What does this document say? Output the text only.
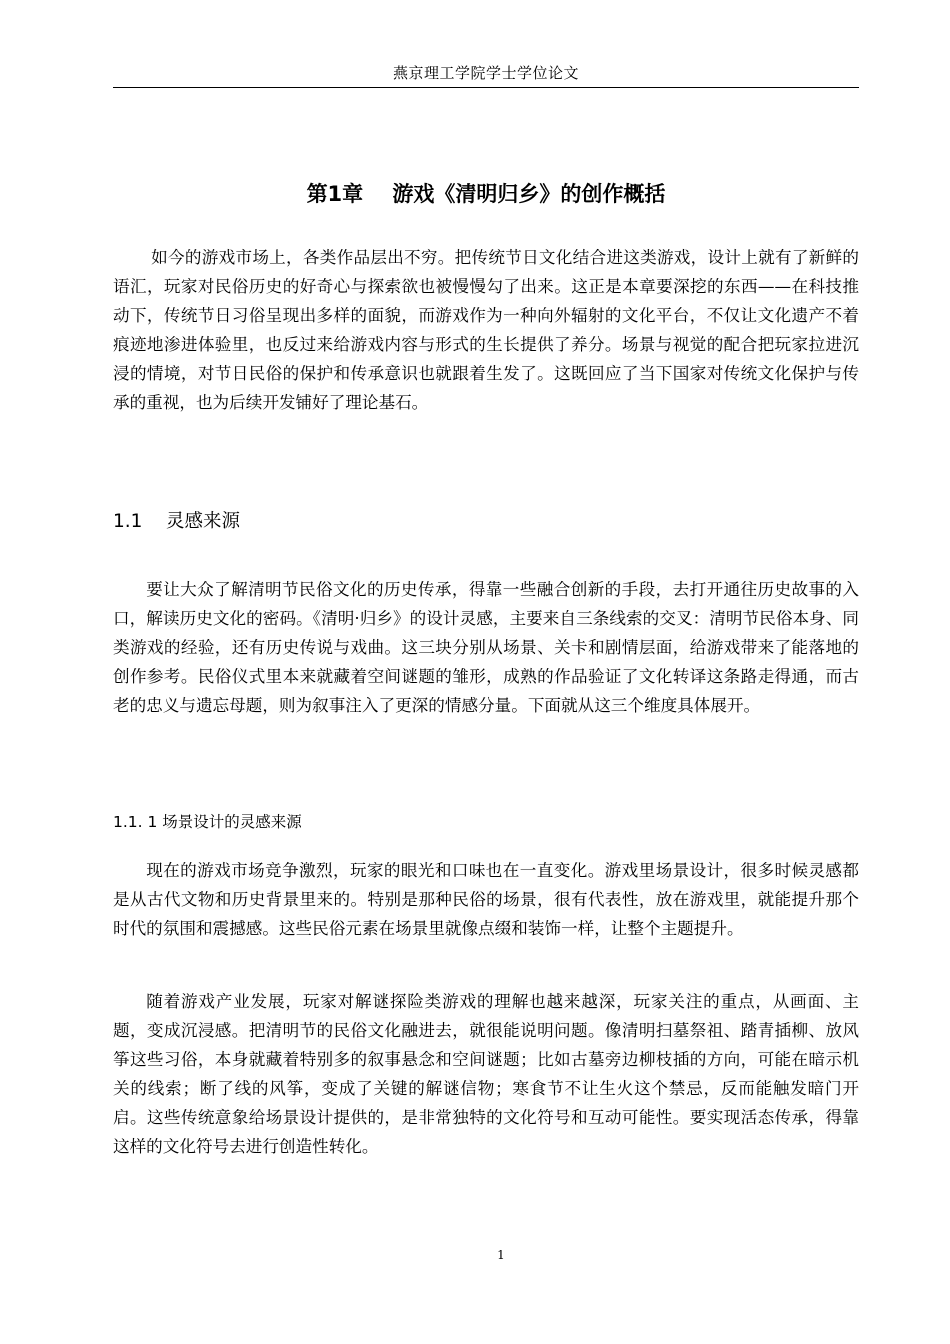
燕京理工学院学士学位论文
第1章    游戏《清明归乡》的创作概括

如今的游戏市场上，各类作品层出不穷。把传统节日文化结合进这类游戏，设计上就有了新鲜的语汇，玩家对民俗历史的好奇心与探索欲也被慢慢勾了出来。这正是本章要深挖的东西——在科技推动下，传统节日习俗呈现出多样的面貌，而游戏作为一种向外辐射的文化平台，不仅让文化遗产不着痕迹地渗进体验里，也反过来给游戏内容与形式的生长提供了养分。场景与视觉的配合把玩家拉进沉浸的情境，对节日民俗的保护和传承意识也就跟着生发了。这既回应了当下国家对传统文化保护与传承的重视，也为后续开发铺好了理论基石。

1.1    灵感来源

要让大众了解清明节民俗文化的历史传承，得靠一些融合创新的手段，去打开通往历史故事的入口，解读历史文化的密码。《清明·归乡》的设计灵感，主要来自三条线索的交叉：清明节民俗本身、同类游戏的经验，还有历史传说与戏曲。这三块分别从场景、关卡和剧情层面，给游戏带来了能落地的创作参考。民俗仪式里本来就藏着空间谜题的雏形，成熟的作品验证了文化转译这条路走得通，而古老的忠义与遗忘母题，则为叙事注入了更深的情感分量。下面就从这三个维度具体展开。

1.1. 1 场景设计的灵感来源

现在的游戏市场竞争激烈，玩家的眼光和口味也在一直变化。游戏里场景设计，很多时候灵感都是从古代文物和历史背景里来的。特别是那种民俗的场景，很有代表性，放在游戏里，就能提升那个时代的氛围和震撼感。这些民俗元素在场景里就像点缀和装饰一样，让整个主题提升。

随着游戏产业发展，玩家对解谜探险类游戏的理解也越来越深，玩家关注的重点，从画面、主题，变成沉浸感。把清明节的民俗文化融进去，就很能说明问题。像清明扫墓祭祖、踏青插柳、放风筝这些习俗，本身就藏着特别多的叙事悬念和空间谜题；比如古墓旁边柳枝插的方向，可能在暗示机关的线索；断了线的风筝，变成了关键的解谜信物；寒食节不让生火这个禁忌，反而能触发暗门开启。这些传统意象给场景设计提供的，是非常独特的文化符号和互动可能性。要实现活态传承，得靠这样的文化符号去进行创造性转化。

1
